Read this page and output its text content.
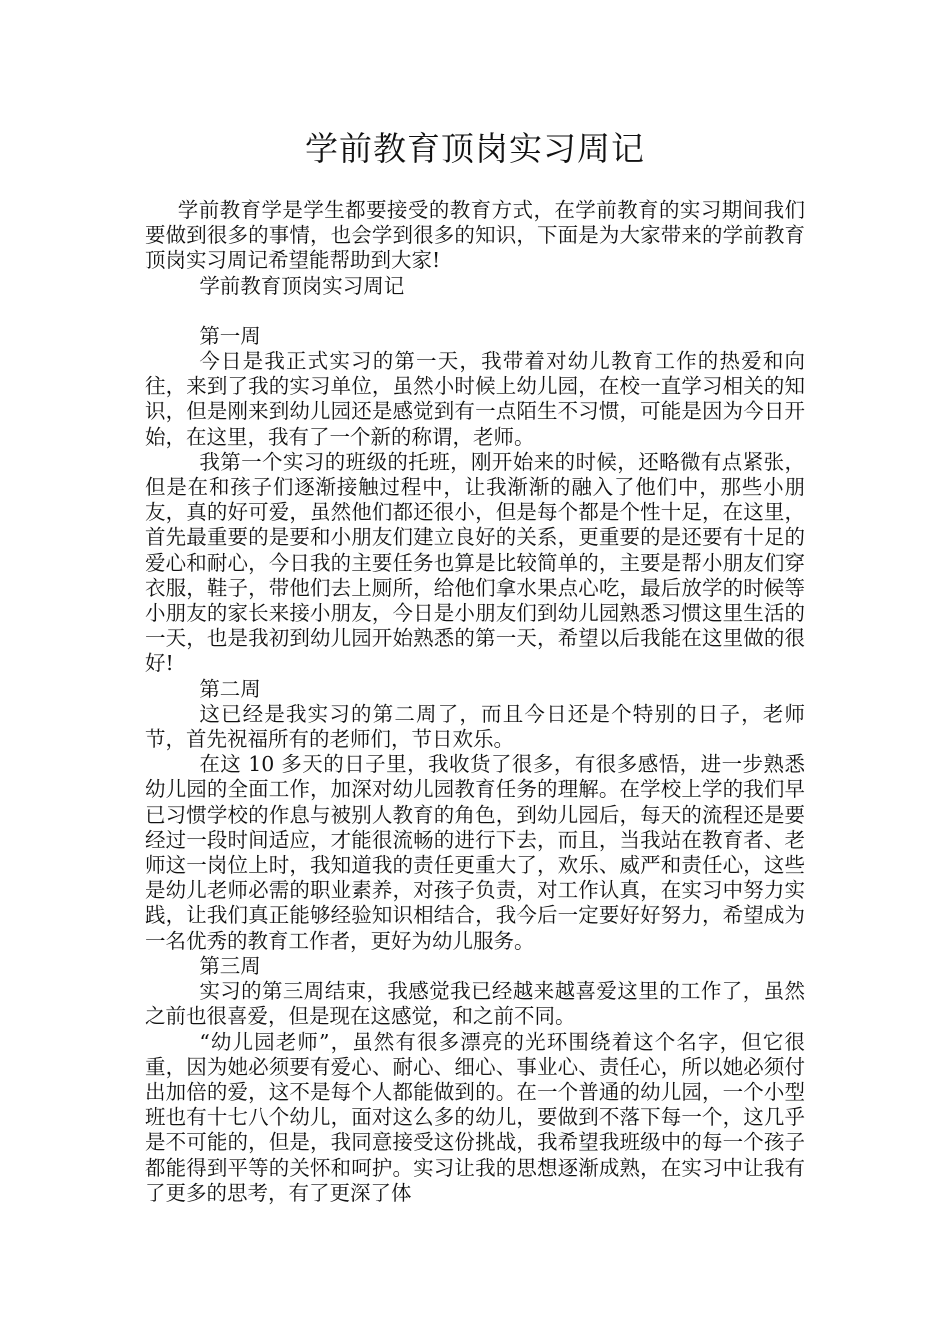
学前教育顶岗实习周记

学前教育学是学生都要接受的教育方式，在学前教育的实习期间我们要做到很多的事情，也会学到很多的知识，下面是为大家带来的学前教育顶岗实习周记希望能帮助到大家!

学前教育顶岗实习周记

第一周

今日是我正式实习的第一天，我带着对幼儿教育工作的热爱和向往，来到了我的实习单位，虽然小时候上幼儿园，在校一直学习相关的知识，但是刚来到幼儿园还是感觉到有一点陌生不习惯，可能是因为今日开始，在这里，我有了一个新的称谓，老师。

我第一个实习的班级的托班，刚开始来的时候，还略微有点紧张，但是在和孩子们逐渐接触过程中，让我渐渐的融入了他们中，那些小朋友，真的好可爱，虽然他们都还很小，但是每个都是个性十足，在这里，首先最重要的是要和小朋友们建立良好的关系，更重要的是还要有十足的爱心和耐心，今日我的主要任务也算是比较简单的，主要是帮小朋友们穿衣服，鞋子，带他们去上厕所，给他们拿水果点心吃，最后放学的时候等小朋友的家长来接小朋友，今日是小朋友们到幼儿园熟悉习惯这里生活的一天，也是我初到幼儿园开始熟悉的第一天，希望以后我能在这里做的很好!

第二周

这已经是我实习的第二周了，而且今日还是个特别的日子，老师节，首先祝福所有的老师们，节日欢乐。

在这 10 多天的日子里，我收货了很多，有很多感悟，进一步熟悉幼儿园的全面工作，加深对幼儿园教育任务的理解。在学校上学的我们早已习惯学校的作息与被别人教育的角色，到幼儿园后，每天的流程还是要经过一段时间适应，才能很流畅的进行下去，而且，当我站在教育者、老师这一岗位上时，我知道我的责任更重大了，欢乐、威严和责任心，这些是幼儿老师必需的职业素养，对孩子负责，对工作认真，在实习中努力实践，让我们真正能够经验知识相结合，我今后一定要好好努力，希望成为一名优秀的教育工作者，更好为幼儿服务。

第三周

实习的第三周结束，我感觉我已经越来越喜爱这里的工作了，虽然之前也很喜爱，但是现在这感觉，和之前不同。

“幼儿园老师”，虽然有很多漂亮的光环围绕着这个名字，但它很重，因为她必须要有爱心、耐心、细心、事业心、责任心，所以她必须付出加倍的爱，这不是每个人都能做到的。在一个普通的幼儿园，一个小型班也有十七八个幼儿，面对这么多的幼儿，要做到不落下每一个，这几乎是不可能的，但是，我同意接受这份挑战，我希望我班级中的每一个孩子都能得到平等的关怀和呵护。实习让我的思想逐渐成熟，在实习中让我有了更多的思考，有了更深了体
